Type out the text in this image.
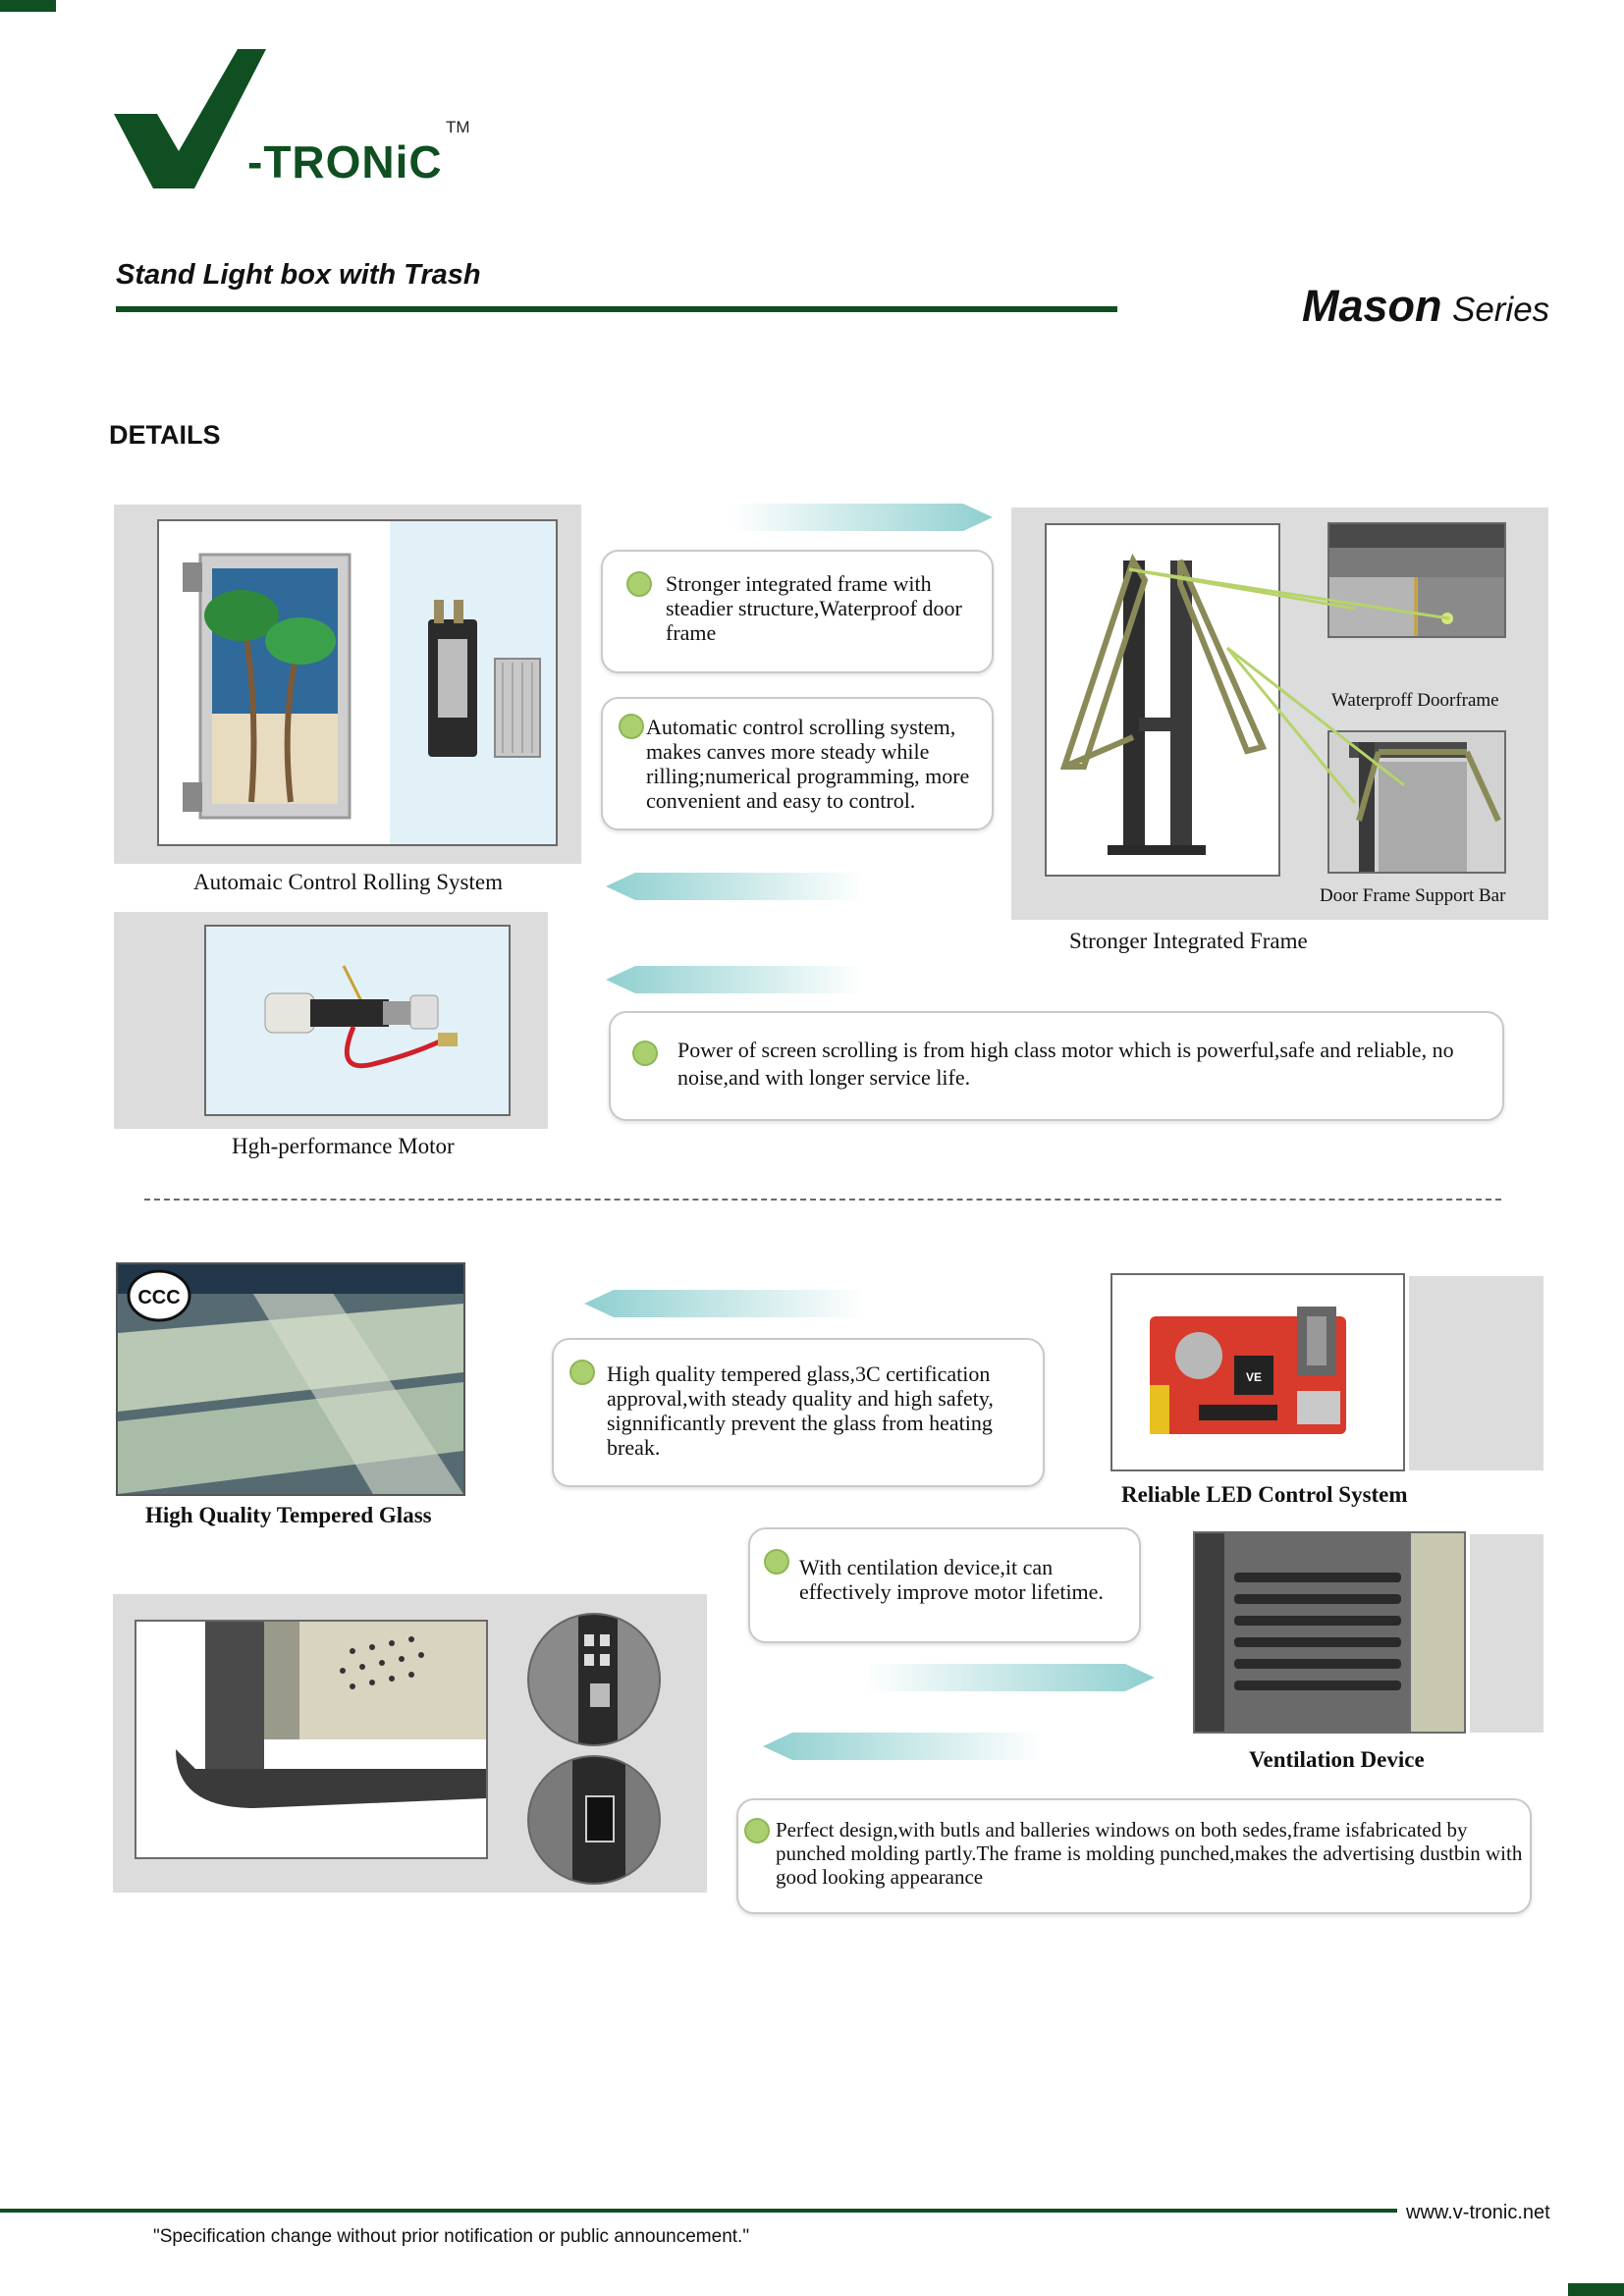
-TRONiC
TM
Stand Light box with Trash
Mason Series
DETAILS
Automaic Control Rolling System
Hgh-performance Motor
Waterproff Doorframe
Door Frame Support Bar
Stronger Integrated Frame
Stronger integrated frame with steadier structure,Waterproof door frame
Automatic control scrolling system, makes canves more steady while rilling;numerical programming, more convenient and easy to control.
Power of screen scrolling is from high class motor which is powerful,safe and reliable, no noise,and with longer service life.
CCC
High Quality Tempered Glass
High quality tempered glass,3C certification approval,with steady quality and high safety, signnificantly prevent the glass from heating break.
VE
Reliable LED Control System
With centilation device,it can effectively improve motor lifetime.
Ventilation Device
Perfect design,with butls and balleries windows on both sedes,frame isfabricated by punched molding partly.The frame is molding punched,makes the advertising dustbin with good looking appearance
www.v-tronic.net
"Specification change without prior notification or public announcement."
